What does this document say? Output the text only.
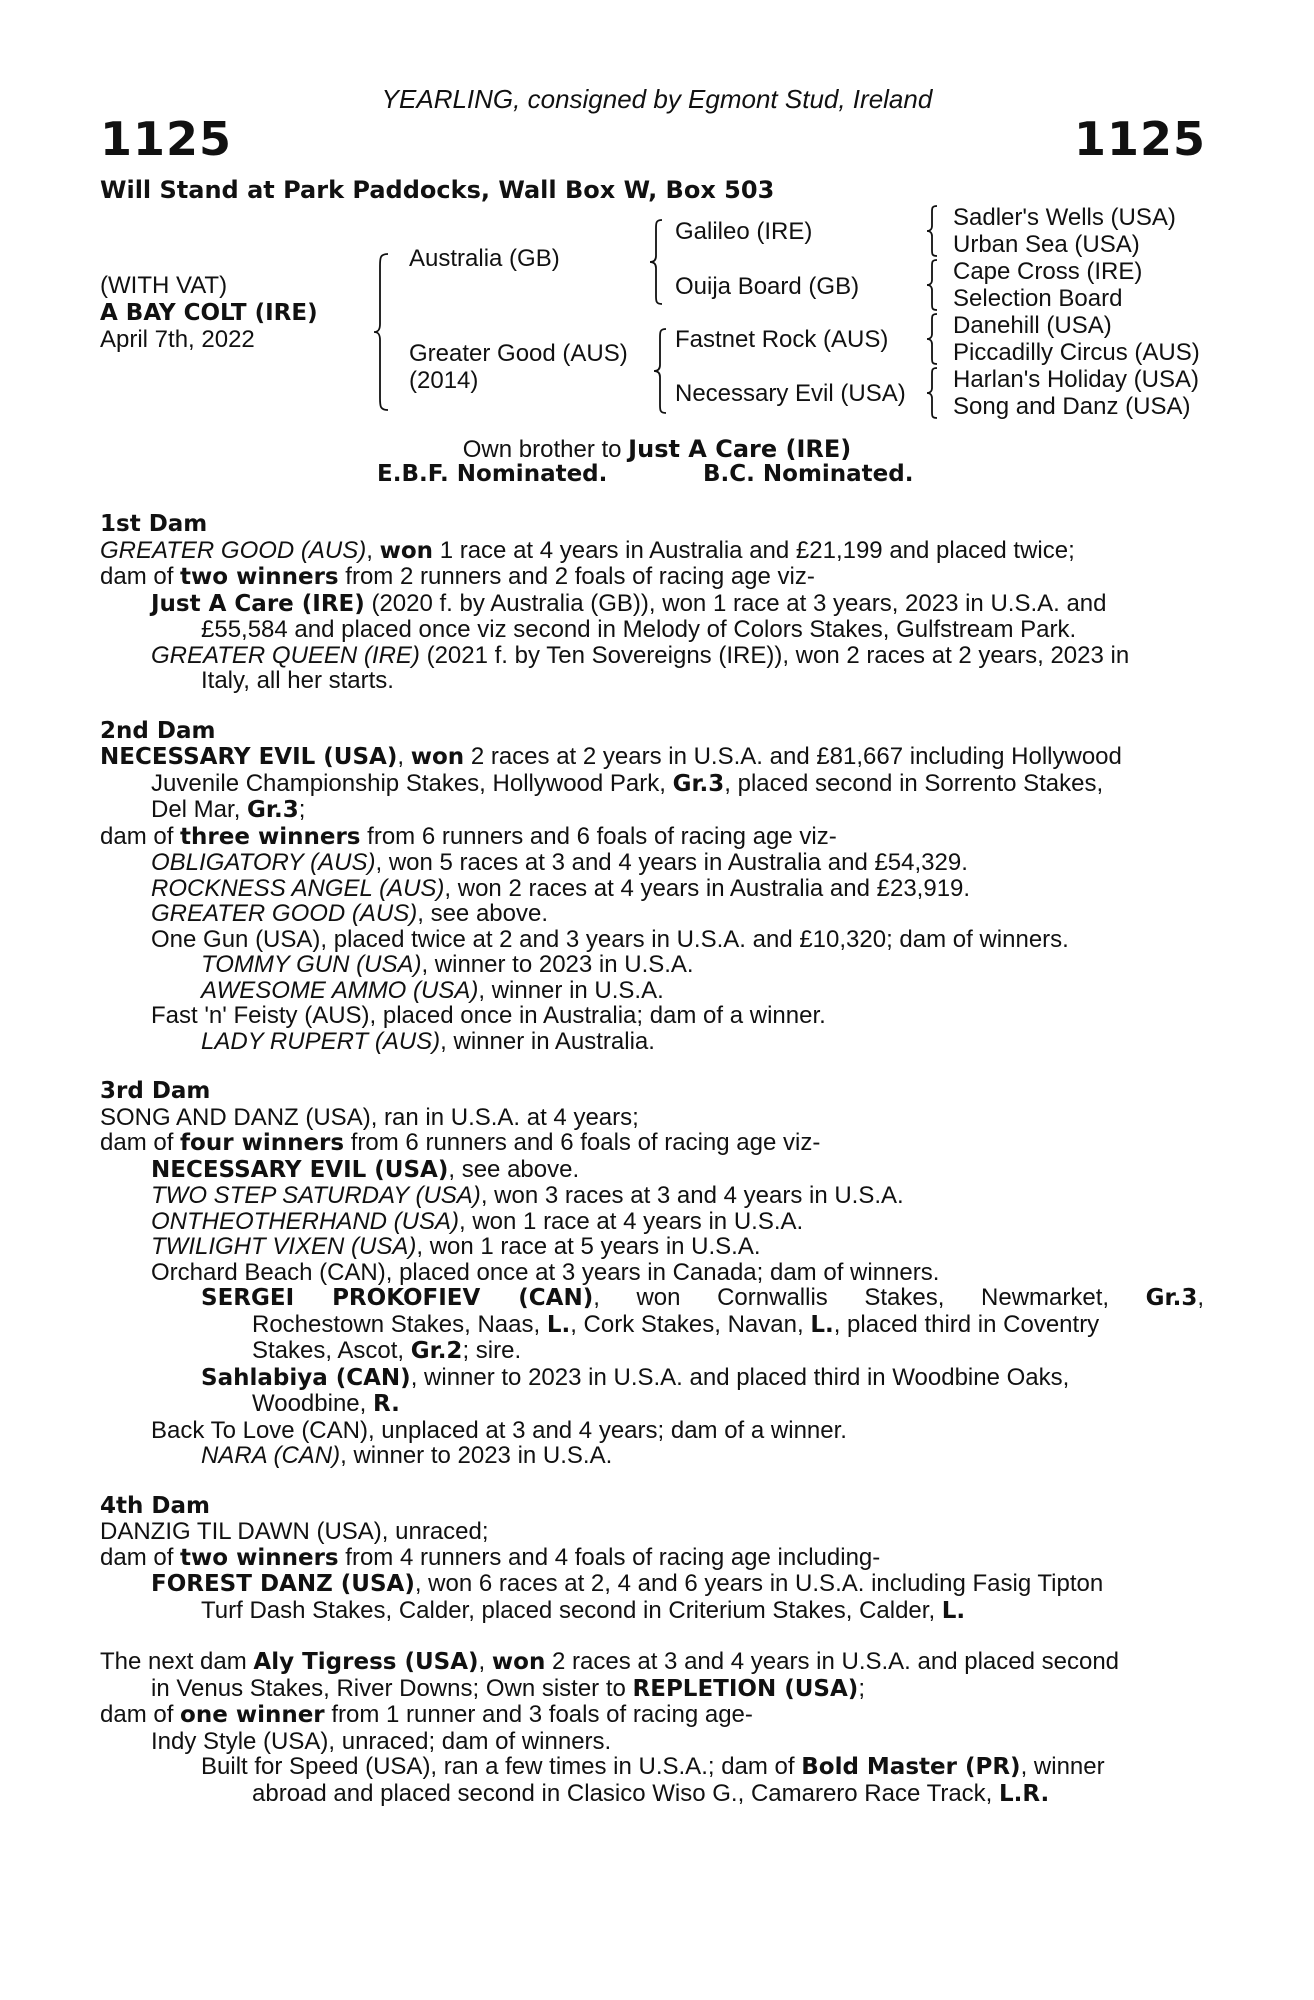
YEARLING, consigned by Egmont Stud, Ireland
1125	1125
Will Stand at Park Paddocks, Wall Box W, Box 503
(WITH VAT)
A BAY COLT (IRE)
April 7th, 2022
Australia (GB)
Greater Good (AUS)
(2014)
Galileo (IRE)
Ouija Board (GB)
Fastnet Rock (AUS)
Necessary Evil (USA)
Sadler's Wells (USA)
Urban Sea (USA)
Cape Cross (IRE)
Selection Board
Danehill (USA)
Piccadilly Circus (AUS)
Harlan's Holiday (USA)
Song and Danz (USA)
Own brother to Just A Care (IRE)
E.B.F. Nominated.	B.C. Nominated.
1st Dam
GREATER GOOD (AUS), won 1 race at 4 years in Australia and £21,199 and placed twice;
dam of two winners from 2 runners and 2 foals of racing age viz-
Just A Care (IRE) (2020 f. by Australia (GB)), won 1 race at 3 years, 2023 in U.S.A. and
£55,584 and placed once viz second in Melody of Colors Stakes, Gulfstream Park.
GREATER QUEEN (IRE) (2021 f. by Ten Sovereigns (IRE)), won 2 races at 2 years, 2023 in
Italy, all her starts.
2nd Dam
NECESSARY EVIL (USA), won 2 races at 2 years in U.S.A. and £81,667 including Hollywood
Juvenile Championship Stakes, Hollywood Park, Gr.3, placed second in Sorrento Stakes,
Del Mar, Gr.3;
dam of three winners from 6 runners and 6 foals of racing age viz-
OBLIGATORY (AUS), won 5 races at 3 and 4 years in Australia and £54,329.
ROCKNESS ANGEL (AUS), won 2 races at 4 years in Australia and £23,919.
GREATER GOOD (AUS), see above.
One Gun (USA), placed twice at 2 and 3 years in U.S.A. and £10,320; dam of winners.
TOMMY GUN (USA), winner to 2023 in U.S.A.
AWESOME AMMO (USA), winner in U.S.A.
Fast 'n' Feisty (AUS), placed once in Australia; dam of a winner.
LADY RUPERT (AUS), winner in Australia.
3rd Dam
SONG AND DANZ (USA), ran in U.S.A. at 4 years;
dam of four winners from 6 runners and 6 foals of racing age viz-
NECESSARY EVIL (USA), see above.
TWO STEP SATURDAY (USA), won 3 races at 3 and 4 years in U.S.A.
ONTHEOTHERHAND (USA), won 1 race at 4 years in U.S.A.
TWILIGHT VIXEN (USA), won 1 race at 5 years in U.S.A.
Orchard Beach (CAN), placed once at 3 years in Canada; dam of winners.
SERGEI PROKOFIEV (CAN), won Cornwallis Stakes, Newmarket, Gr.3,
Rochestown Stakes, Naas, L., Cork Stakes, Navan, L., placed third in Coventry
Stakes, Ascot, Gr.2; sire.
Sahlabiya (CAN), winner to 2023 in U.S.A. and placed third in Woodbine Oaks,
Woodbine, R.
Back To Love (CAN), unplaced at 3 and 4 years; dam of a winner.
NARA (CAN), winner to 2023 in U.S.A.
4th Dam
DANZIG TIL DAWN (USA), unraced;
dam of two winners from 4 runners and 4 foals of racing age including-
FOREST DANZ (USA), won 6 races at 2, 4 and 6 years in U.S.A. including Fasig Tipton
Turf Dash Stakes, Calder, placed second in Criterium Stakes, Calder, L.
The next dam Aly Tigress (USA), won 2 races at 3 and 4 years in U.S.A. and placed second
in Venus Stakes, River Downs; Own sister to REPLETION (USA);
dam of one winner from 1 runner and 3 foals of racing age-
Indy Style (USA), unraced; dam of winners.
Built for Speed (USA), ran a few times in U.S.A.; dam of Bold Master (PR), winner
abroad and placed second in Clasico Wiso G., Camarero Race Track, L.R.
